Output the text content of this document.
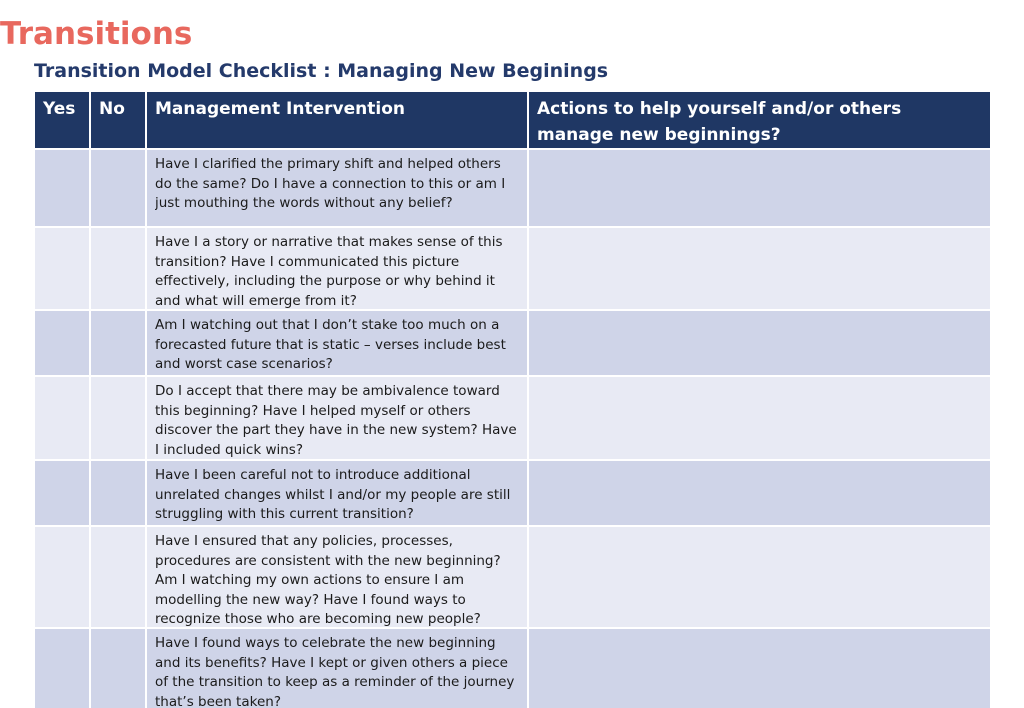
Transitions
Transition Model Checklist : Managing New Beginings
Yes	No	Management Intervention	Actions to help yourself and/or others manage new beginnings?

		Have I clarified the primary shift and helped others do the same? Do I have a connection to this or am I just mouthing the words without any belief?	

		Have I a story or narrative that makes sense of this transition? Have I communicated this picture effectively, including the purpose or why behind it and what will emerge from it?	

		Am I watching out that I don’t stake too much on a forecasted future that is static – verses include best and worst case scenarios?	

		Do I accept that there may be ambivalence toward this beginning? Have I helped myself or others discover the part they have in the new system? Have I included quick wins?	

		Have I been careful not to introduce additional unrelated changes whilst I and/or my people are still struggling with this current transition?	

		Have I ensured that any policies, processes, procedures are consistent with the new beginning? Am I watching my own actions to ensure I am modelling the new way? Have I found ways to recognize those who are becoming new people?	

		Have I found ways to celebrate the new beginning and its benefits? Have I kept or given others a piece of the transition to keep as a reminder of the journey that’s been taken?	
